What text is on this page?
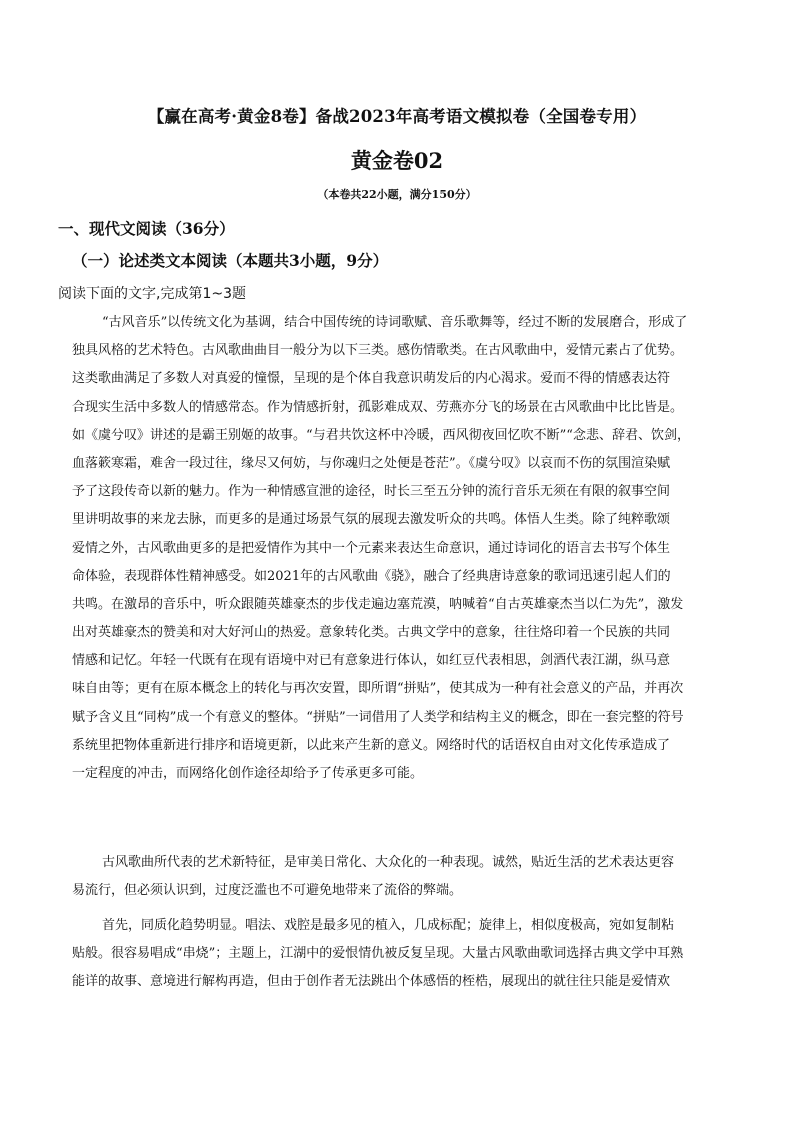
【赢在高考·黄金8卷】备战2023年高考语文模拟卷（全国卷专用）
黄金卷02
（本卷共22小题，满分150分）
一、现代文阅读（36分）
（一）论述类文本阅读（本题共3小题，9分）
阅读下面的文字,完成第1~3题
“古风音乐”以传统文化为基调，结合中国传统的诗词歌赋、音乐歌舞等，经过不断的发展磨合，形成了
独具风格的艺术特色。古风歌曲曲目一般分为以下三类。感伤情歌类。在古风歌曲中，爱情元素占了优势。
这类歌曲满足了多数人对真爱的憧憬，呈现的是个体自我意识萌发后的内心渴求。爱而不得的情感表达符
合现实生活中多数人的情感常态。作为情感折射，孤影难成双、劳燕亦分飞的场景在古风歌曲中比比皆是。
如《虞兮叹》讲述的是霸王别姬的故事。“与君共饮这杯中冷暖，西风彻夜回忆吹不断”“念悲、辞君、饮剑，
血落簌寒霜，难舍一段过往，缘尽又何妨，与你魂归之处便是苍茫”。《虞兮叹》以哀而不伤的氛围渲染赋
予了这段传奇以新的魅力。作为一种情感宣泄的途径，时长三至五分钟的流行音乐无须在有限的叙事空间
里讲明故事的来龙去脉，而更多的是通过场景气氛的展现去激发听众的共鸣。体悟人生类。除了纯粹歌颂
爱情之外，古风歌曲更多的是把爱情作为其中一个元素来表达生命意识，通过诗词化的语言去书写个体生
命体验，表现群体性精神感受。如2021年的古风歌曲《骁》，融合了经典唐诗意象的歌词迅速引起人们的
共鸣。在激昂的音乐中，听众跟随英雄豪杰的步伐走遍边塞荒漠，呐喊着“自古英雄豪杰当以仁为先”，激发
出对英雄豪杰的赞美和对大好河山的热爱。意象转化类。古典文学中的意象，往往烙印着一个民族的共同
情感和记忆。年轻一代既有在现有语境中对已有意象进行体认，如红豆代表相思，剑酒代表江湖，纵马意
味自由等；更有在原本概念上的转化与再次安置，即所谓“拼贴”，使其成为一种有社会意义的产品，并再次
赋予含义且“同构”成一个有意义的整体。“拼贴”一词借用了人类学和结构主义的概念，即在一套完整的符号
系统里把物体重新进行排序和语境更新，以此来产生新的意义。网络时代的话语权自由对文化传承造成了
一定程度的冲击，而网络化创作途径却给予了传承更多可能。
古风歌曲所代表的艺术新特征，是审美日常化、大众化的一种表现。诚然，贴近生活的艺术表达更容
易流行，但必须认识到，过度泛滥也不可避免地带来了流俗的弊端。
首先，同质化趋势明显。唱法、戏腔是最多见的植入，几成标配；旋律上，相似度极高，宛如复制粘
贴般。很容易唱成“串烧”；主题上，江湖中的爱恨情仇被反复呈现。大量古风歌曲歌词选择古典文学中耳熟
能详的故事、意境进行解构再造，但由于创作者无法跳出个体感悟的桎梏，展现出的就往往只能是爱情欢
